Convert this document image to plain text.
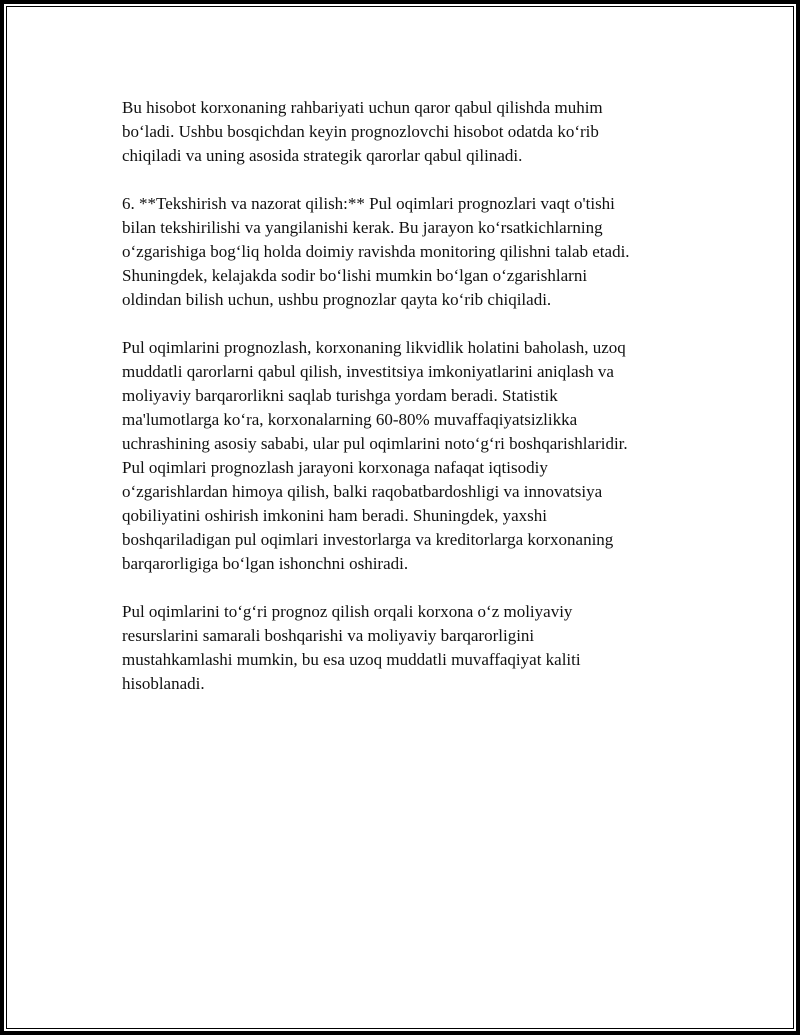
Bu hisobot korxonaning rahbariyati uchun qaror qabul qilishda muhim
bo‘ladi. Ushbu bosqichdan keyin prognozlovchi hisobot odatda ko‘rib
chiqiladi va uning asosida strategik qarorlar qabul qilinadi.

6. **Tekshirish va nazorat qilish:** Pul oqimlari prognozlari vaqt o'tishi
bilan tekshirilishi va yangilanishi kerak. Bu jarayon ko‘rsatkichlarning
o‘zgarishiga bog‘liq holda doimiy ravishda monitoring qilishni talab etadi.
Shuningdek, kelajakda sodir bo‘lishi mumkin bo‘lgan o‘zgarishlarni
oldindan bilish uchun, ushbu prognozlar qayta ko‘rib chiqiladi.

Pul oqimlarini prognozlash, korxonaning likvidlik holatini baholash, uzoq
muddatli qarorlarni qabul qilish, investitsiya imkoniyatlarini aniqlash va
moliyaviy barqarorlikni saqlab turishga yordam beradi. Statistik
ma'lumotlarga ko‘ra, korxonalarning 60-80% muvaffaqiyatsizlikka
uchrashining asosiy sababi, ular pul oqimlarini noto‘g‘ri boshqarishlaridir.
Pul oqimlari prognozlash jarayoni korxonaga nafaqat iqtisodiy
o‘zgarishlardan himoya qilish, balki raqobatbardoshligi va innovatsiya
qobiliyatini oshirish imkonini ham beradi. Shuningdek, yaxshi
boshqariladigan pul oqimlari investorlarga va kreditorlarga korxonaning
barqarorligiga bo‘lgan ishonchni oshiradi.

Pul oqimlarini to‘g‘ri prognoz qilish orqali korxona o‘z moliyaviy
resurslarini samarali boshqarishi va moliyaviy barqarorligini
mustahkamlashi mumkin, bu esa uzoq muddatli muvaffaqiyat kaliti
hisoblanadi.
